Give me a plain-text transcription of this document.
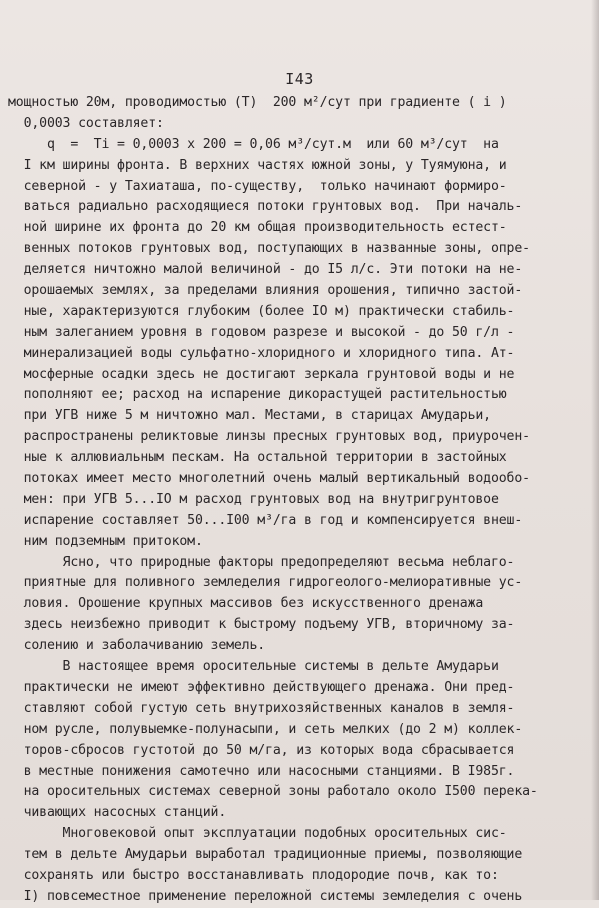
I43
мощностью 20м, проводимостью (Т)  200 м²/сут при градиенте ( i )
0,0003 составляет:
q  =  Тi = 0,0003 x 200 = 0,06 м³/сут.м  или 60 м³/сут  на
I км ширины фронта. В верхних частях южной зоны, у Туямуюна, и
северной - у Тахиаташа, по-существу,  только начинают формиро-
ваться радиально расходящиеся потоки грунтовых вод.  При началь-
ной ширине их фронта до 20 км общая производительность естест-
венных потоков грунтовых вод, поступающих в названные зоны, опре-
деляется ничтожно малой величиной - до I5 л/с. Эти потоки на не-
орошаемых землях, за пределами влияния орошения, типично застой-
ные, характеризуются глубоким (более IO м) практически стабиль-
ным залеганием уровня в годовом разрезе и высокой - до 50 г/л -
минерализацией воды сульфатно-хлоридного и хлоридного типа. Ат-
мосферные осадки здесь не достигают зеркала грунтовой воды и не
пополняют ее; расход на испарение дикорастущей растительностью
при УГВ ниже 5 м ничтожно мал. Местами, в старицах Амударьи,
распространены реликтовые линзы пресных грунтовых вод, приурочен-
ные к аллювиальным пескам. На остальной территории в застойных
потоках имеет место многолетний очень малый вертикальный водообо-
мен: при УГВ 5...IO м расход грунтовых вод на внутригрунтовое
испарение составляет 50...I00 м³/га в год и компенсируется внеш-
ним подземным притоком.
Ясно, что природные факторы предопределяют весьма неблаго-
приятные для поливного земледелия гидрогеолого-мелиоративные ус-
ловия. Орошение крупных массивов без искусственного дренажа
здесь неизбежно приводит к быстрому подъему УГВ, вторичному за-
солению и заболачиванию земель.
В настоящее время оросительные системы в дельте Амударьи
практически не имеют эффективно действующего дренажа. Они пред-
ставляют собой густую сеть внутрихозяйственных каналов в земля-
ном русле, полувыемке-полунасыпи, и сеть мелких (до 2 м) коллек-
торов-сбросов густотой до 50 м/га, из которых вода сбрасывается
в местные понижения самотечно или насосными станциями. В I985г.
на оросительных системах северной зоны работало около I500 перека-
чивающих насосных станций.
Многовековой опыт эксплуатации подобных оросительных сис-
тем в дельте Амударьи выработал традиционные приемы, позволяющие
сохранять или быстро восстанавливать плодородие почв, как то:
I) повсеместное применение переложной системы земледелия с очень
